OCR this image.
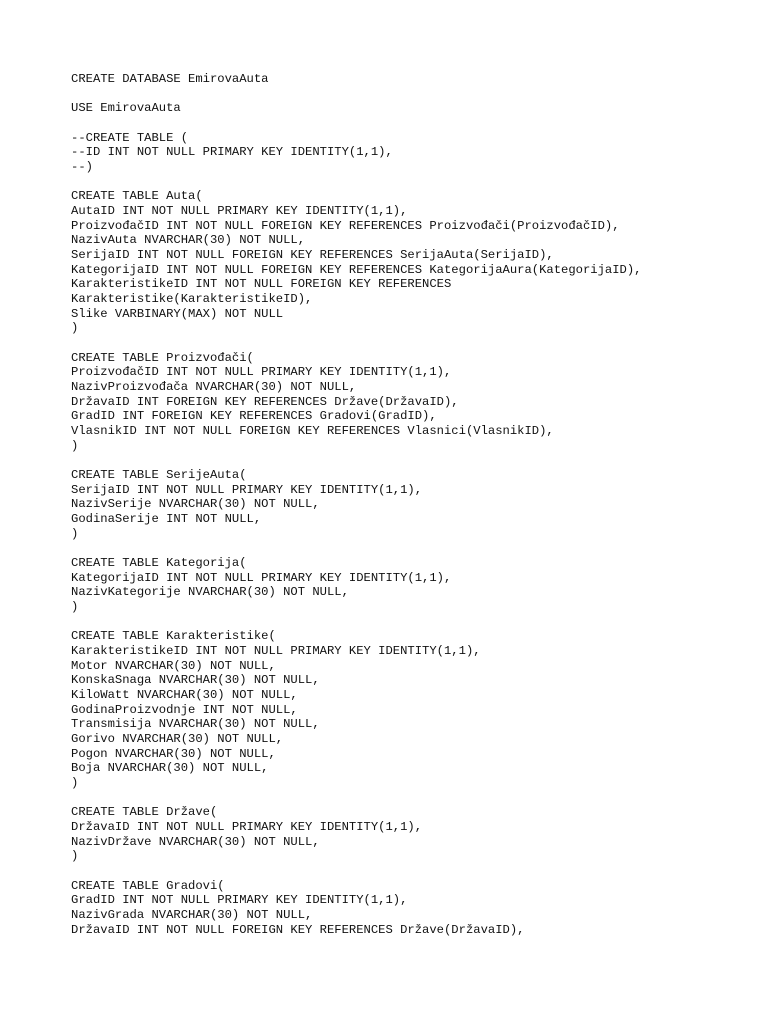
CREATE DATABASE EmirovaAuta
USE EmirovaAuta
--CREATE TABLE (
--ID INT NOT NULL PRIMARY KEY IDENTITY(1,1),
--)
CREATE TABLE Auta(
AutaID INT NOT NULL PRIMARY KEY IDENTITY(1,1),
ProizvođačID INT NOT NULL FOREIGN KEY REFERENCES Proizvođači(ProizvođačID),
NazivAuta NVARCHAR(30) NOT NULL,
SerijaID INT NOT NULL FOREIGN KEY REFERENCES SerijaAuta(SerijaID),
KategorijaID INT NOT NULL FOREIGN KEY REFERENCES KategorijaAura(KategorijaID),
KarakteristikeID INT NOT NULL FOREIGN KEY REFERENCES
Karakteristike(KarakteristikeID),
Slike VARBINARY(MAX) NOT NULL
)
CREATE TABLE Proizvođači(
ProizvođačID INT NOT NULL PRIMARY KEY IDENTITY(1,1),
NazivProizvođača NVARCHAR(30) NOT NULL,
DržavaID INT FOREIGN KEY REFERENCES Države(DržavaID),
GradID INT FOREIGN KEY REFERENCES Gradovi(GradID),
VlasnikID INT NOT NULL FOREIGN KEY REFERENCES Vlasnici(VlasnikID),
)
CREATE TABLE SerijeAuta(
SerijaID INT NOT NULL PRIMARY KEY IDENTITY(1,1),
NazivSerije NVARCHAR(30) NOT NULL,
GodinaSerije INT NOT NULL,
)
CREATE TABLE Kategorija(
KategorijaID INT NOT NULL PRIMARY KEY IDENTITY(1,1),
NazivKategorije NVARCHAR(30) NOT NULL,
)
CREATE TABLE Karakteristike(
KarakteristikeID INT NOT NULL PRIMARY KEY IDENTITY(1,1),
Motor NVARCHAR(30) NOT NULL,
KonskaSnaga NVARCHAR(30) NOT NULL,
KiloWatt NVARCHAR(30) NOT NULL,
GodinaProizvodnje INT NOT NULL,
Transmisija NVARCHAR(30) NOT NULL,
Gorivo NVARCHAR(30) NOT NULL,
Pogon NVARCHAR(30) NOT NULL,
Boja NVARCHAR(30) NOT NULL,
)
CREATE TABLE Države(
DržavaID INT NOT NULL PRIMARY KEY IDENTITY(1,1),
NazivDržave NVARCHAR(30) NOT NULL,
)
CREATE TABLE Gradovi(
GradID INT NOT NULL PRIMARY KEY IDENTITY(1,1),
NazivGrada NVARCHAR(30) NOT NULL,
DržavaID INT NOT NULL FOREIGN KEY REFERENCES Države(DržavaID),
